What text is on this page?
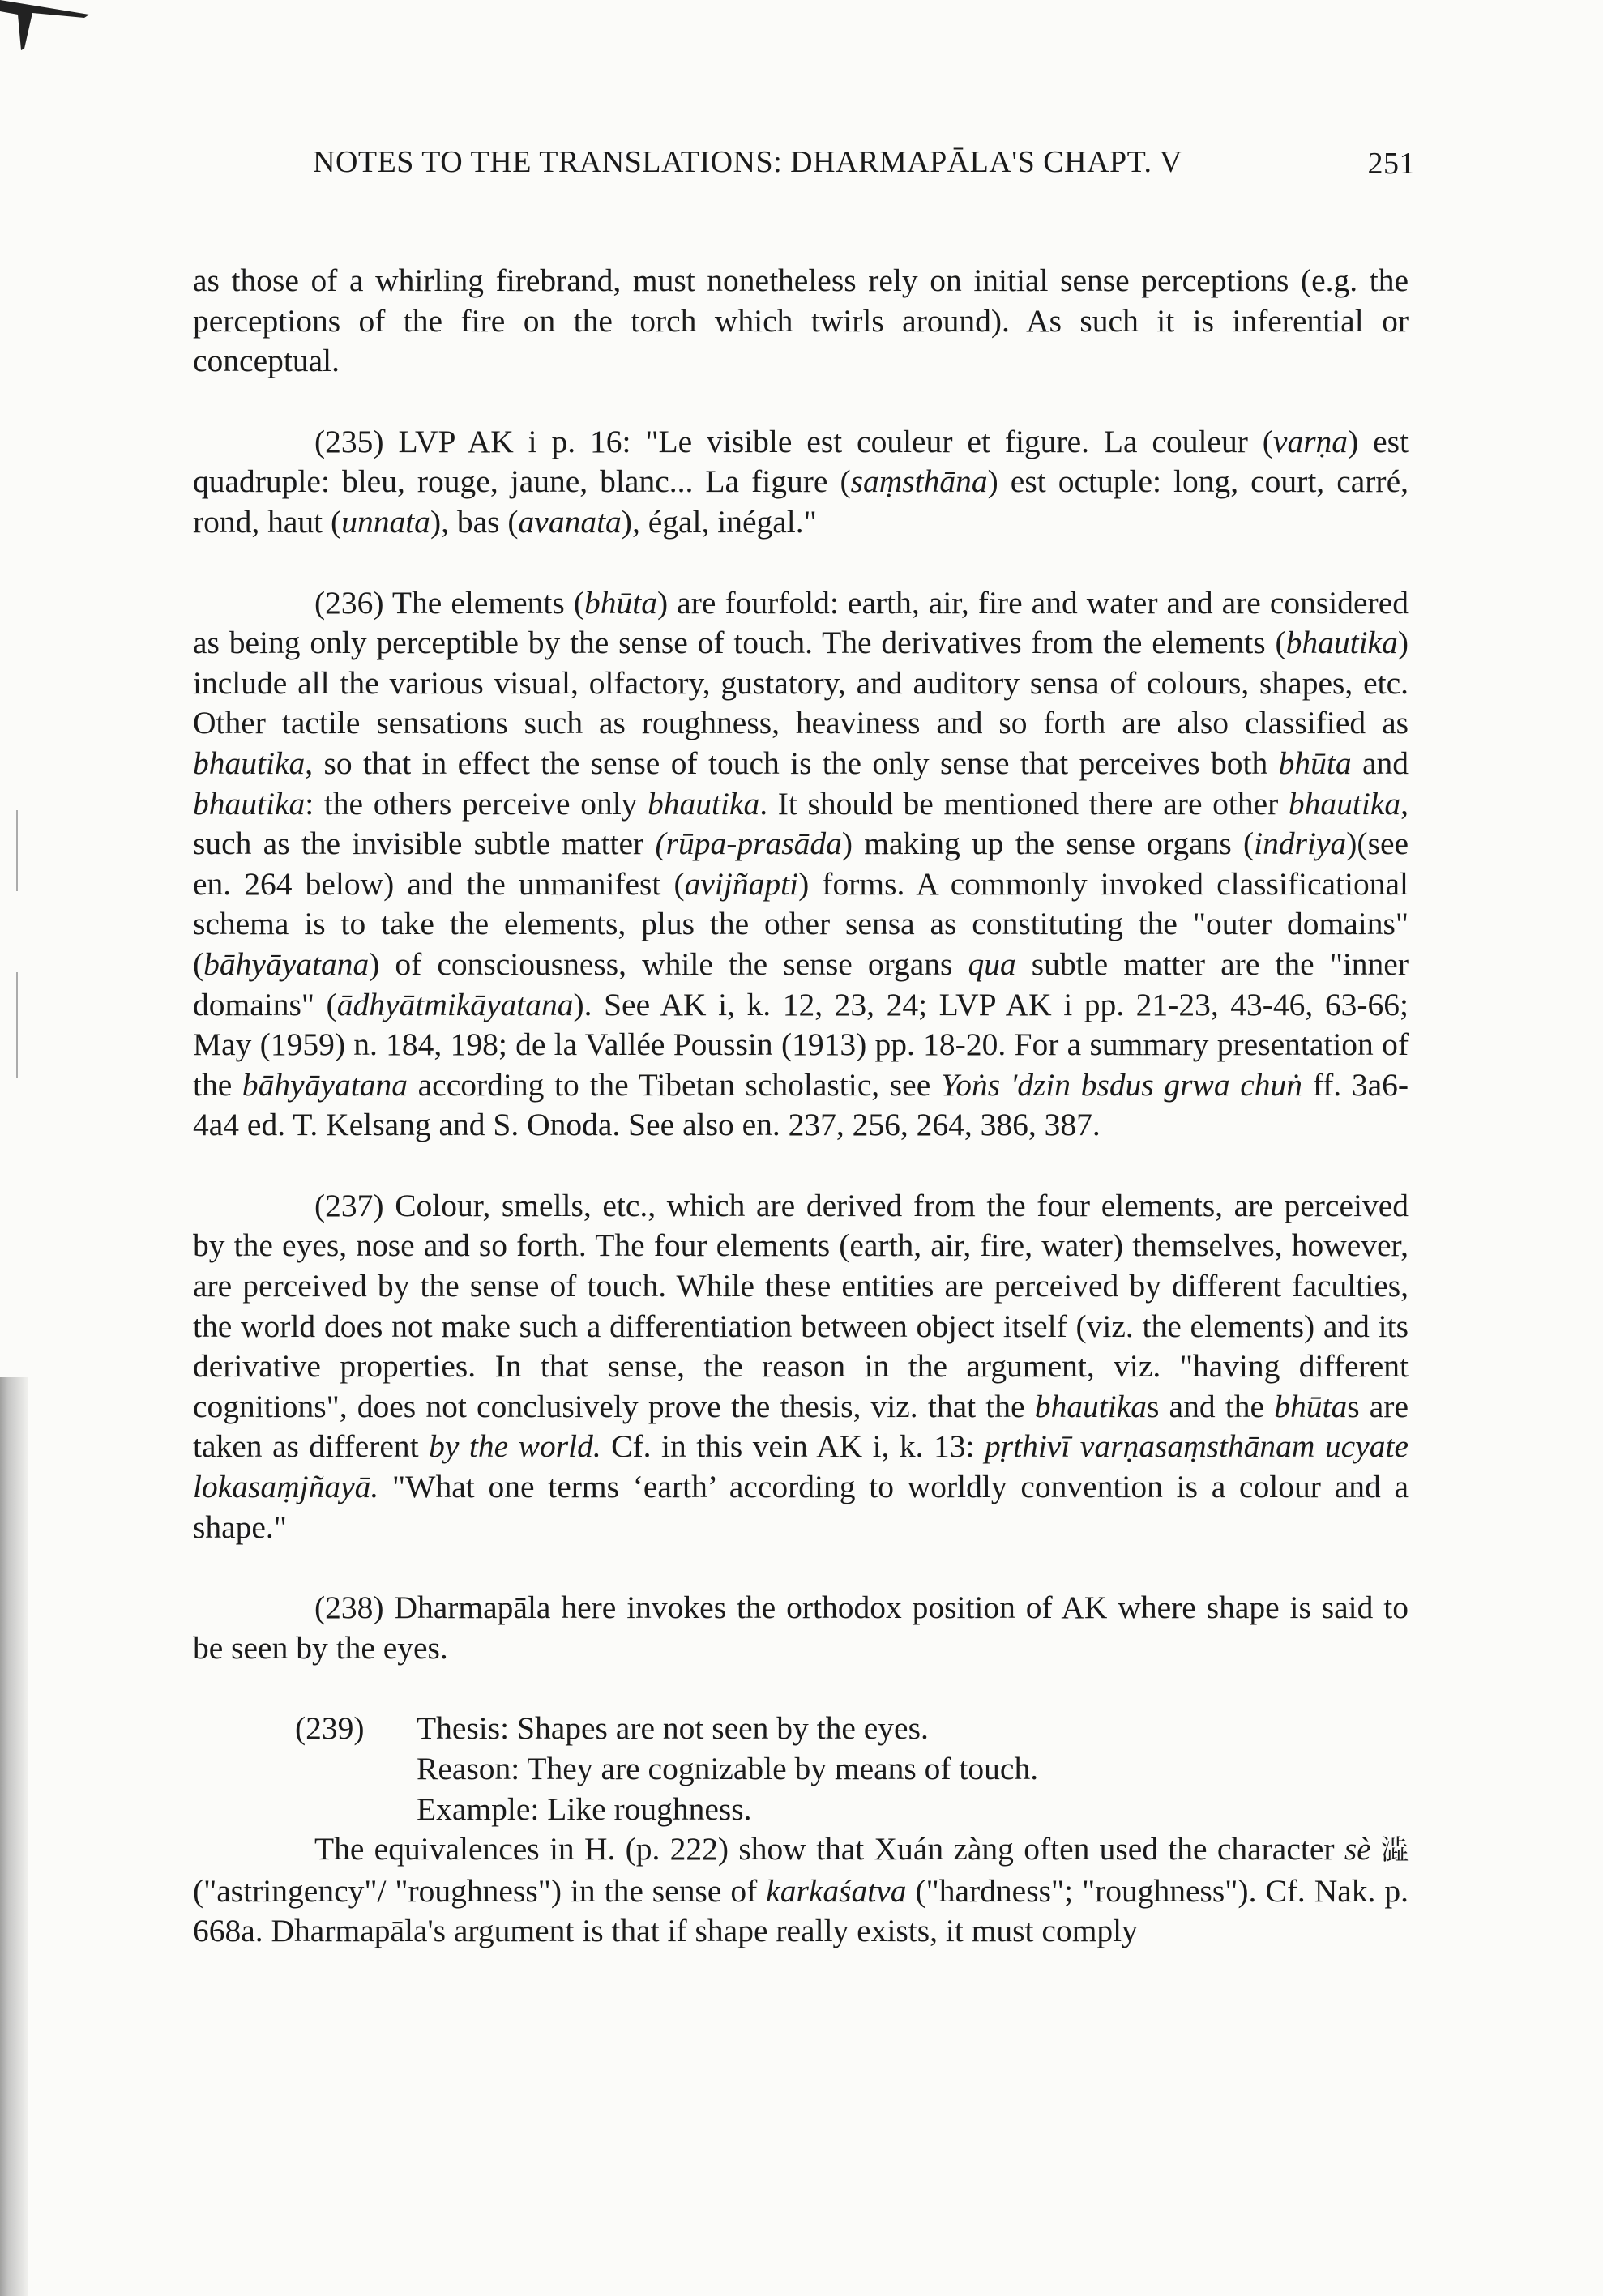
NOTES TO THE TRANSLATIONS: DHARMAPĀLA'S CHAPT. V	251

as those of a whirling firebrand, must nonetheless rely on initial sense perceptions (e.g. the perceptions of the fire on the torch which twirls around). As such it is inferential or conceptual.

(235) LVP AK i p. 16: "Le visible est couleur et figure. La couleur (varṇa) est quadruple: bleu, rouge, jaune, blanc... La figure (saṃsthāna) est octuple: long, court, carré, rond, haut (unnata), bas (avanata), égal, inégal."

(236) The elements (bhūta) are fourfold: earth, air, fire and water and are considered as being only perceptible by the sense of touch. The derivatives from the elements (bhautika) include all the various visual, olfactory, gustatory, and auditory sensa of colours, shapes, etc. Other tactile sensations such as roughness, heaviness and so forth are also classified as bhautika, so that in effect the sense of touch is the only sense that perceives both bhūta and bhautika: the others perceive only bhautika. It should be mentioned there are other bhautika, such as the invisible subtle matter (rūpa-prasāda) making up the sense organs (indriya)(see en. 264 below) and the unmanifest (avijñapti) forms. A commonly invoked classificational schema is to take the elements, plus the other sensa as constituting the "outer domains" (bāhyāyatana) of consciousness, while the sense organs qua subtle matter are the "inner domains" (ādhyātmikāyatana). See AK i, k. 12, 23, 24; LVP AK i pp. 21-23, 43-46, 63-66; May (1959) n. 184, 198; de la Vallée Poussin (1913) pp. 18-20. For a summary presentation of the bāhyāyatana according to the Tibetan scholastic, see Yoṅs 'dzin bsdus grwa chuṅ ff. 3a6-4a4 ed. T. Kelsang and S. Onoda. See also en. 237, 256, 264, 386, 387.

(237) Colour, smells, etc., which are derived from the four elements, are perceived by the eyes, nose and so forth. The four elements (earth, air, fire, water) themselves, however, are perceived by the sense of touch. While these entities are perceived by different faculties, the world does not make such a differentiation between object itself (viz. the elements) and its derivative properties. In that sense, the reason in the argument, viz. "having different cognitions", does not conclusively prove the thesis, viz. that the bhautikas and the bhūtas are taken as different by the world. Cf. in this vein AK i, k. 13: pṛthivī varṇasaṃsthānam ucyate lokasaṃjñayā. "What one terms ‘earth’ according to worldly convention is a colour and a shape."

(238) Dharmapāla here invokes the orthodox position of AK where shape is said to be seen by the eyes.

(239)	Thesis: Shapes are not seen by the eyes.
Reason: They are cognizable by means of touch.
Example: Like roughness.

The equivalences in H. (p. 222) show that Xuán zàng often used the character sè 澁 ("astringency"/ "roughness") in the sense of karkaśatva ("hardness"; "roughness"). Cf. Nak. p. 668a. Dharmapāla's argument is that if shape really exists, it must comply
